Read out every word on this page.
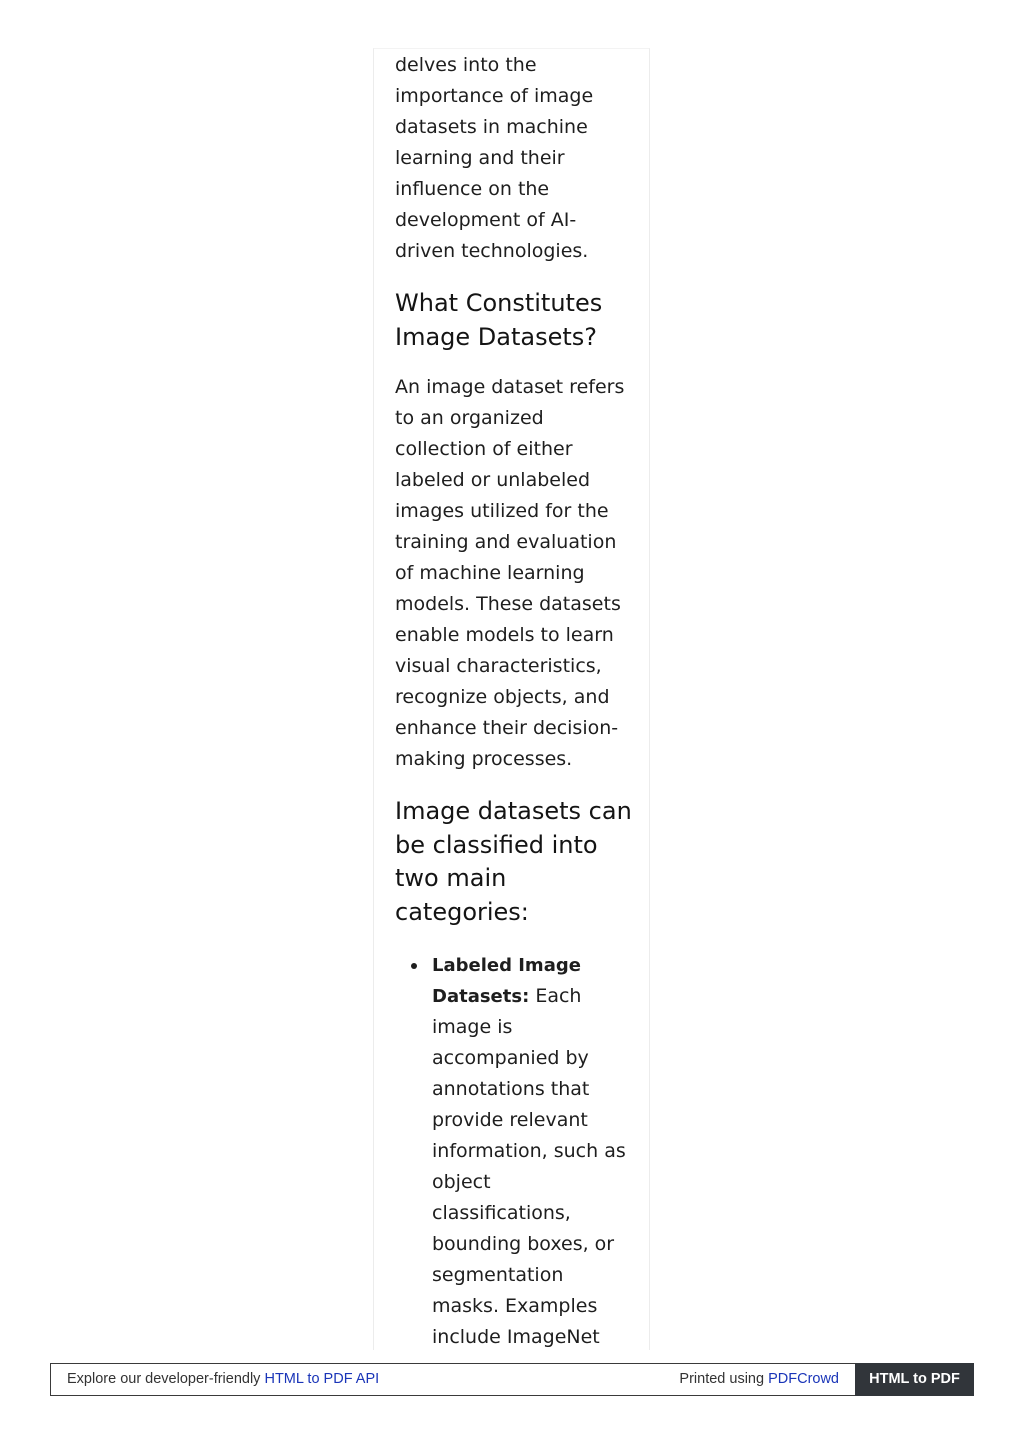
delves into the importance of image datasets in machine learning and their influence on the development of AI-driven technologies.

What Constitutes Image Datasets?

An image dataset refers to an organized collection of either labeled or unlabeled images utilized for the training and evaluation of machine learning models. These datasets enable models to learn visual characteristics, recognize objects, and enhance their decision-making processes.

Image datasets can be classified into two main categories:
Labeled Image Datasets: Each image is accompanied by annotations that provide relevant information, such as object classifications, bounding boxes, or segmentation masks. Examples include ImageNet
Explore our developer-friendly HTML to PDF API	Printed using PDFCrowd	HTML to PDF
